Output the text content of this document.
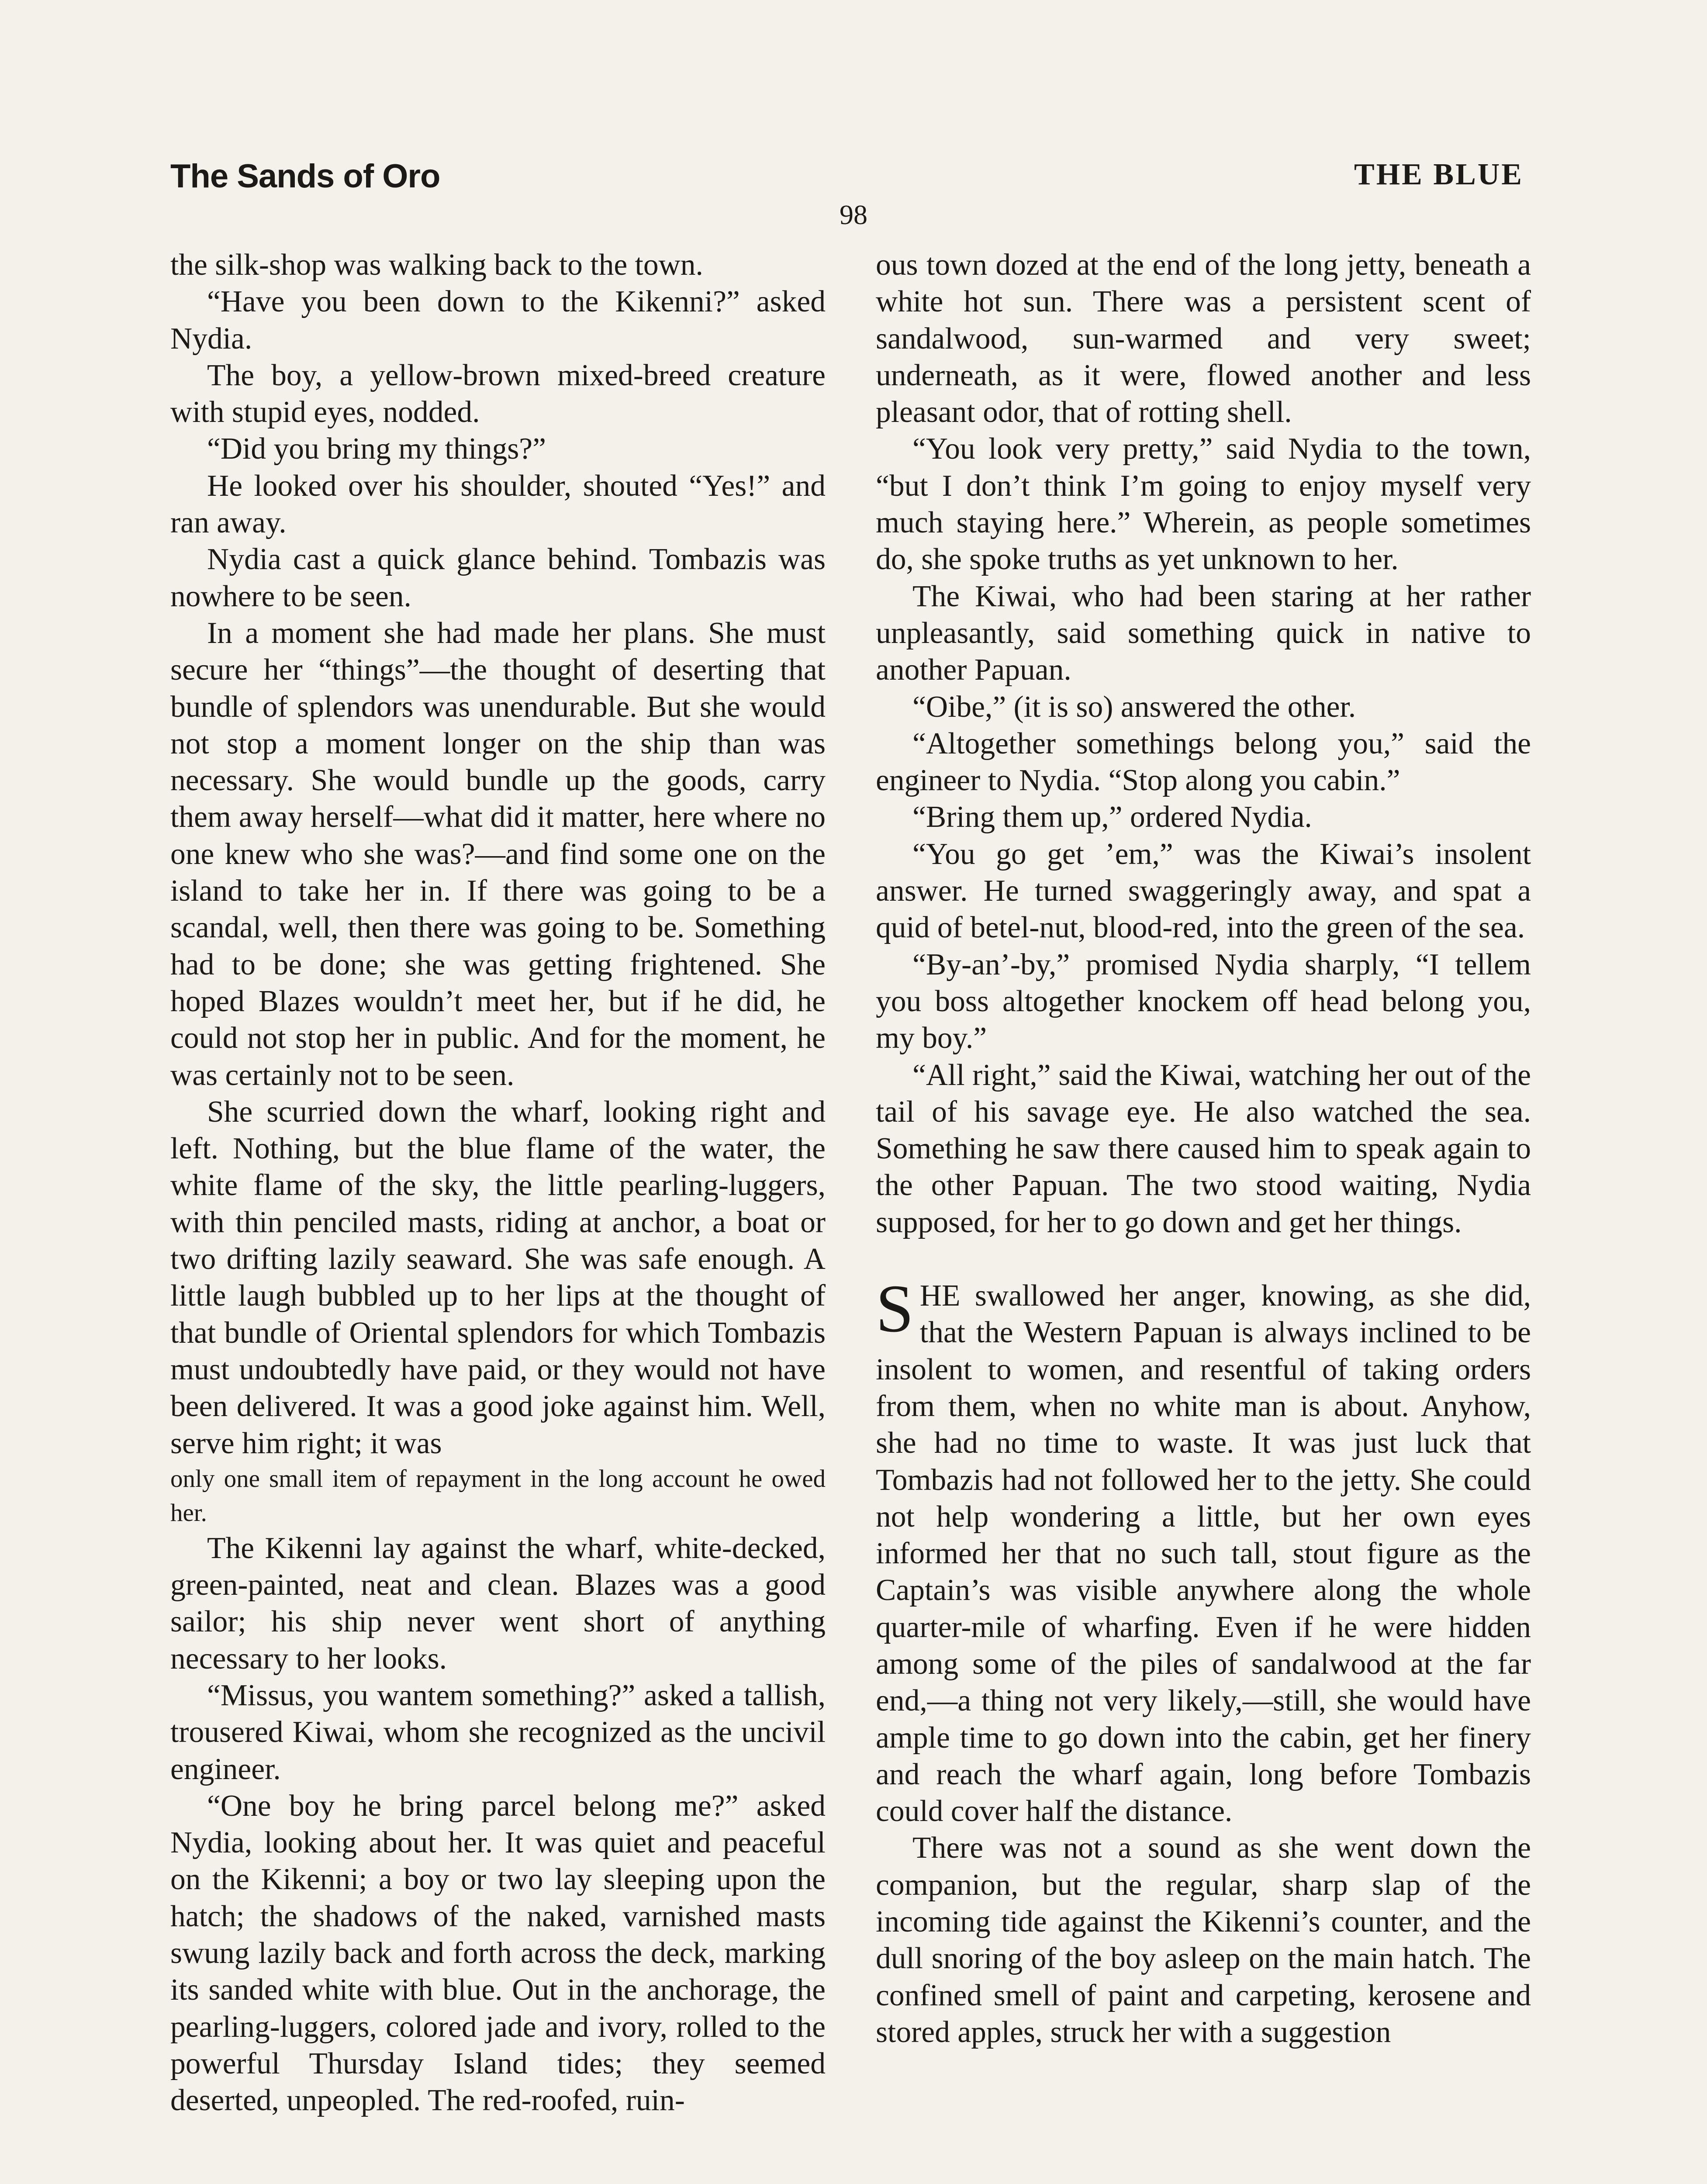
The Sands of Oro	THE BLUE
98

the silk-shop was walking back to the town.

“Have you been down to the Kikenni?” asked Nydia.

The boy, a yellow-brown mixed-breed creature with stupid eyes, nodded.

“Did you bring my things?”

He looked over his shoulder, shouted “Yes!” and ran away.

Nydia cast a quick glance behind. Tombazis was nowhere to be seen.

In a moment she had made her plans. She must secure her “things”—the thought of deserting that bundle of splendors was unendurable. But she would not stop a moment longer on the ship than was necessary. She would bundle up the goods, carry them away herself—what did it matter, here where no one knew who she was?—and find some one on the island to take her in. If there was going to be a scandal, well, then there was going to be. Something had to be done; she was getting frightened. She hoped Blazes wouldn’t meet her, but if he did, he could not stop her in public. And for the moment, he was certainly not to be seen.

She scurried down the wharf, looking right and left. Nothing, but the blue flame of the water, the white flame of the sky, the little pearling-luggers, with thin penciled masts, riding at anchor, a boat or two drifting lazily seaward. She was safe enough. A little laugh bubbled up to her lips at the thought of that bundle of Oriental splendors for which Tombazis must undoubtedly have paid, or they would not have been delivered. It was a good joke against him. Well, serve him right; it was

only one small item of repayment in the long account he owed her.

The Kikenni lay against the wharf, white-decked, green-painted, neat and clean. Blazes was a good sailor; his ship never went short of anything necessary to her looks.

“Missus, you wantem something?” asked a tallish, trousered Kiwai, whom she recognized as the uncivil engineer.

“One boy he bring parcel belong me?” asked Nydia, looking about her. It was quiet and peaceful on the Kikenni; a boy or two lay sleeping upon the hatch; the shadows of the naked, varnished masts swung lazily back and forth across the deck, marking its sanded white with blue. Out in the anchorage, the pearling-luggers, colored jade and ivory, rolled to the powerful Thursday Island tides; they seemed deserted, unpeopled. The red-roofed, ruin-

ous town dozed at the end of the long jetty, beneath a white hot sun. There was a persistent scent of sandalwood, sun-warmed and very sweet; underneath, as it were, flowed another and less pleasant odor, that of rotting shell.

“You look very pretty,” said Nydia to the town, “but I don’t think I’m going to enjoy myself very much staying here.” Wherein, as people sometimes do, she spoke truths as yet unknown to her.

The Kiwai, who had been staring at her rather unpleasantly, said something quick in native to another Papuan.

“Oibe,” (it is so) answered the other.

“Altogether somethings belong you,” said the engineer to Nydia. “Stop along you cabin.”

“Bring them up,” ordered Nydia.

“You go get ’em,” was the Kiwai’s insolent answer. He turned swaggeringly away, and spat a quid of betel-nut, blood-red, into the green of the sea.

“By-an’-by,” promised Nydia sharply, “I tellem you boss altogether knockem off head belong you, my boy.”

“All right,” said the Kiwai, watching her out of the tail of his savage eye. He also watched the sea. Something he saw there caused him to speak again to the other Papuan. The two stood waiting, Nydia supposed, for her to go down and get her things.

SHE swallowed her anger, knowing, as she did, that the Western Papuan is always inclined to be insolent to women, and resentful of taking orders from them, when no white man is about. Anyhow, she had no time to waste. It was just luck that Tombazis had not followed her to the jetty. She could not help wondering a little, but her own eyes informed her that no such tall, stout figure as the Captain’s was visible anywhere along the whole quarter-mile of wharfing. Even if he were hidden among some of the piles of sandalwood at the far end,—a thing not very likely,—still, she would have ample time to go down into the cabin, get her finery and reach the wharf again, long before Tombazis could cover half the distance.

There was not a sound as she went down the companion, but the regular, sharp slap of the incoming tide against the Kikenni’s counter, and the dull snoring of the boy asleep on the main hatch. The confined smell of paint and carpeting, kerosene and stored apples, struck her with a suggestion
